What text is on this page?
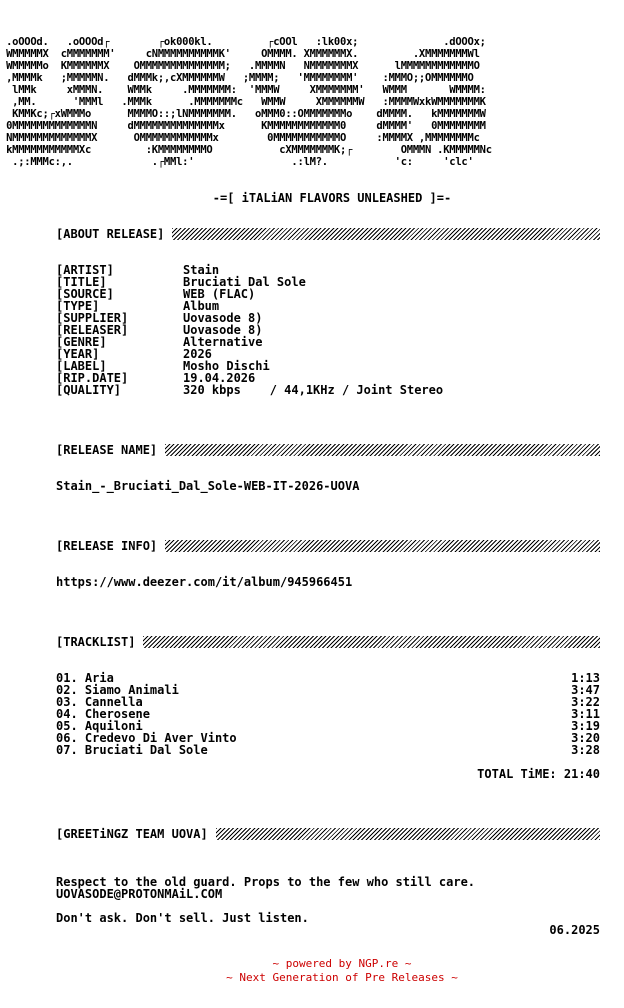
.oOOOd.   .oOOOd┌        ┌ok000kl.         ┌cOOl   :lk00x;              .dOOOx;
WMMMMMX  cMMMMMMM'     cNMMMMMMMMMMK'     OMMMM. XMMMMMMX.         .XMMMMMMMWl
WMMMMMo  KMMMMMMX    OMMMMMMMMMMMMMM;   .MMMMN   NMMMMMMMX      lMMMMMMMMMMMMO
,MMMMk   ;MMMMMN.   dMMMk;,cXMMMMMMW   ;MMMM;   'MMMMMMMM'    :MMMO;;OMMMMMMO
lMMk     xMMMN.    WMMk     .MMMMMMM:  'MMMW     XMMMMMMM'   WMMM       WMMMM:
,MM.      'MMMl   .MMMk      .MMMMMMMc   WMMW     XMMMMMMW   :MMMMWxkWMMMMMMMK
KMMKc;┌xWMMMo      MMMMO::;lNMMMMMMM.   oMMM0::OMMMMMMMo    dMMMM.   kMMMMMMMW
0MMMMMMMMMMMMMN     dMMMMMMMMMMMMMMx      KMMMMMMMMMMMM0     dMMMM'   0MMMMMMMM
NMMMMMMMMMMMMMX      OMMMMMMMMMMMMx        0MMMMMMMMMMMO     :MMMMX ,MMMMMMMMc
kMMMMMMMMMMMXc         :KMMMMMMMMO           cXMMMMMMMK;┌        OMMMN .KMMMMMNc
.;:MMMc:,.             .┌MMl:'                .:lM?.           'c:     'clc'
-=[ iTALiAN FLAVORS UNLEASHED ]=-
[ABOUT RELEASE]
[ARTIST]	Stain
[TITLE]	Bruciati Dal Sole
[SOURCE]	WEB (FLAC)
[TYPE]	Album
[SUPPLIER]	Uovasode 8)
[RELEASER]	Uovasode 8)
[GENRE]	Alternative
[YEAR]	2026
[LABEL]	Mosho Dischi
[RIP.DATE]	19.04.2026
[QUALITY]	320 kbps    / 44,1KHz / Joint Stereo
[RELEASE NAME]
Stain_-_Bruciati_Dal_Sole-WEB-IT-2026-UOVA
[RELEASE INFO]
https://www.deezer.com/it/album/945966451
[TRACKLIST]
01. Aria	1:13
02. Siamo Animali	3:47
03. Cannella	3:22
04. Cherosene	3:11
05. Aquiloni	3:19
06. Credevo Di Aver Vinto	3:20
07. Bruciati Dal Sole	3:28
TOTAL TiME: 21:40
[GREETiNGZ TEAM UOVA]

Respect to the old guard. Props to the few who still care.

Don't ask. Don't sell. Just listen.

UOVASODE@PROTONMAiL.COM
06.2025
~ powered by NGP.re ~
~ Next Generation of Pre Releases ~
